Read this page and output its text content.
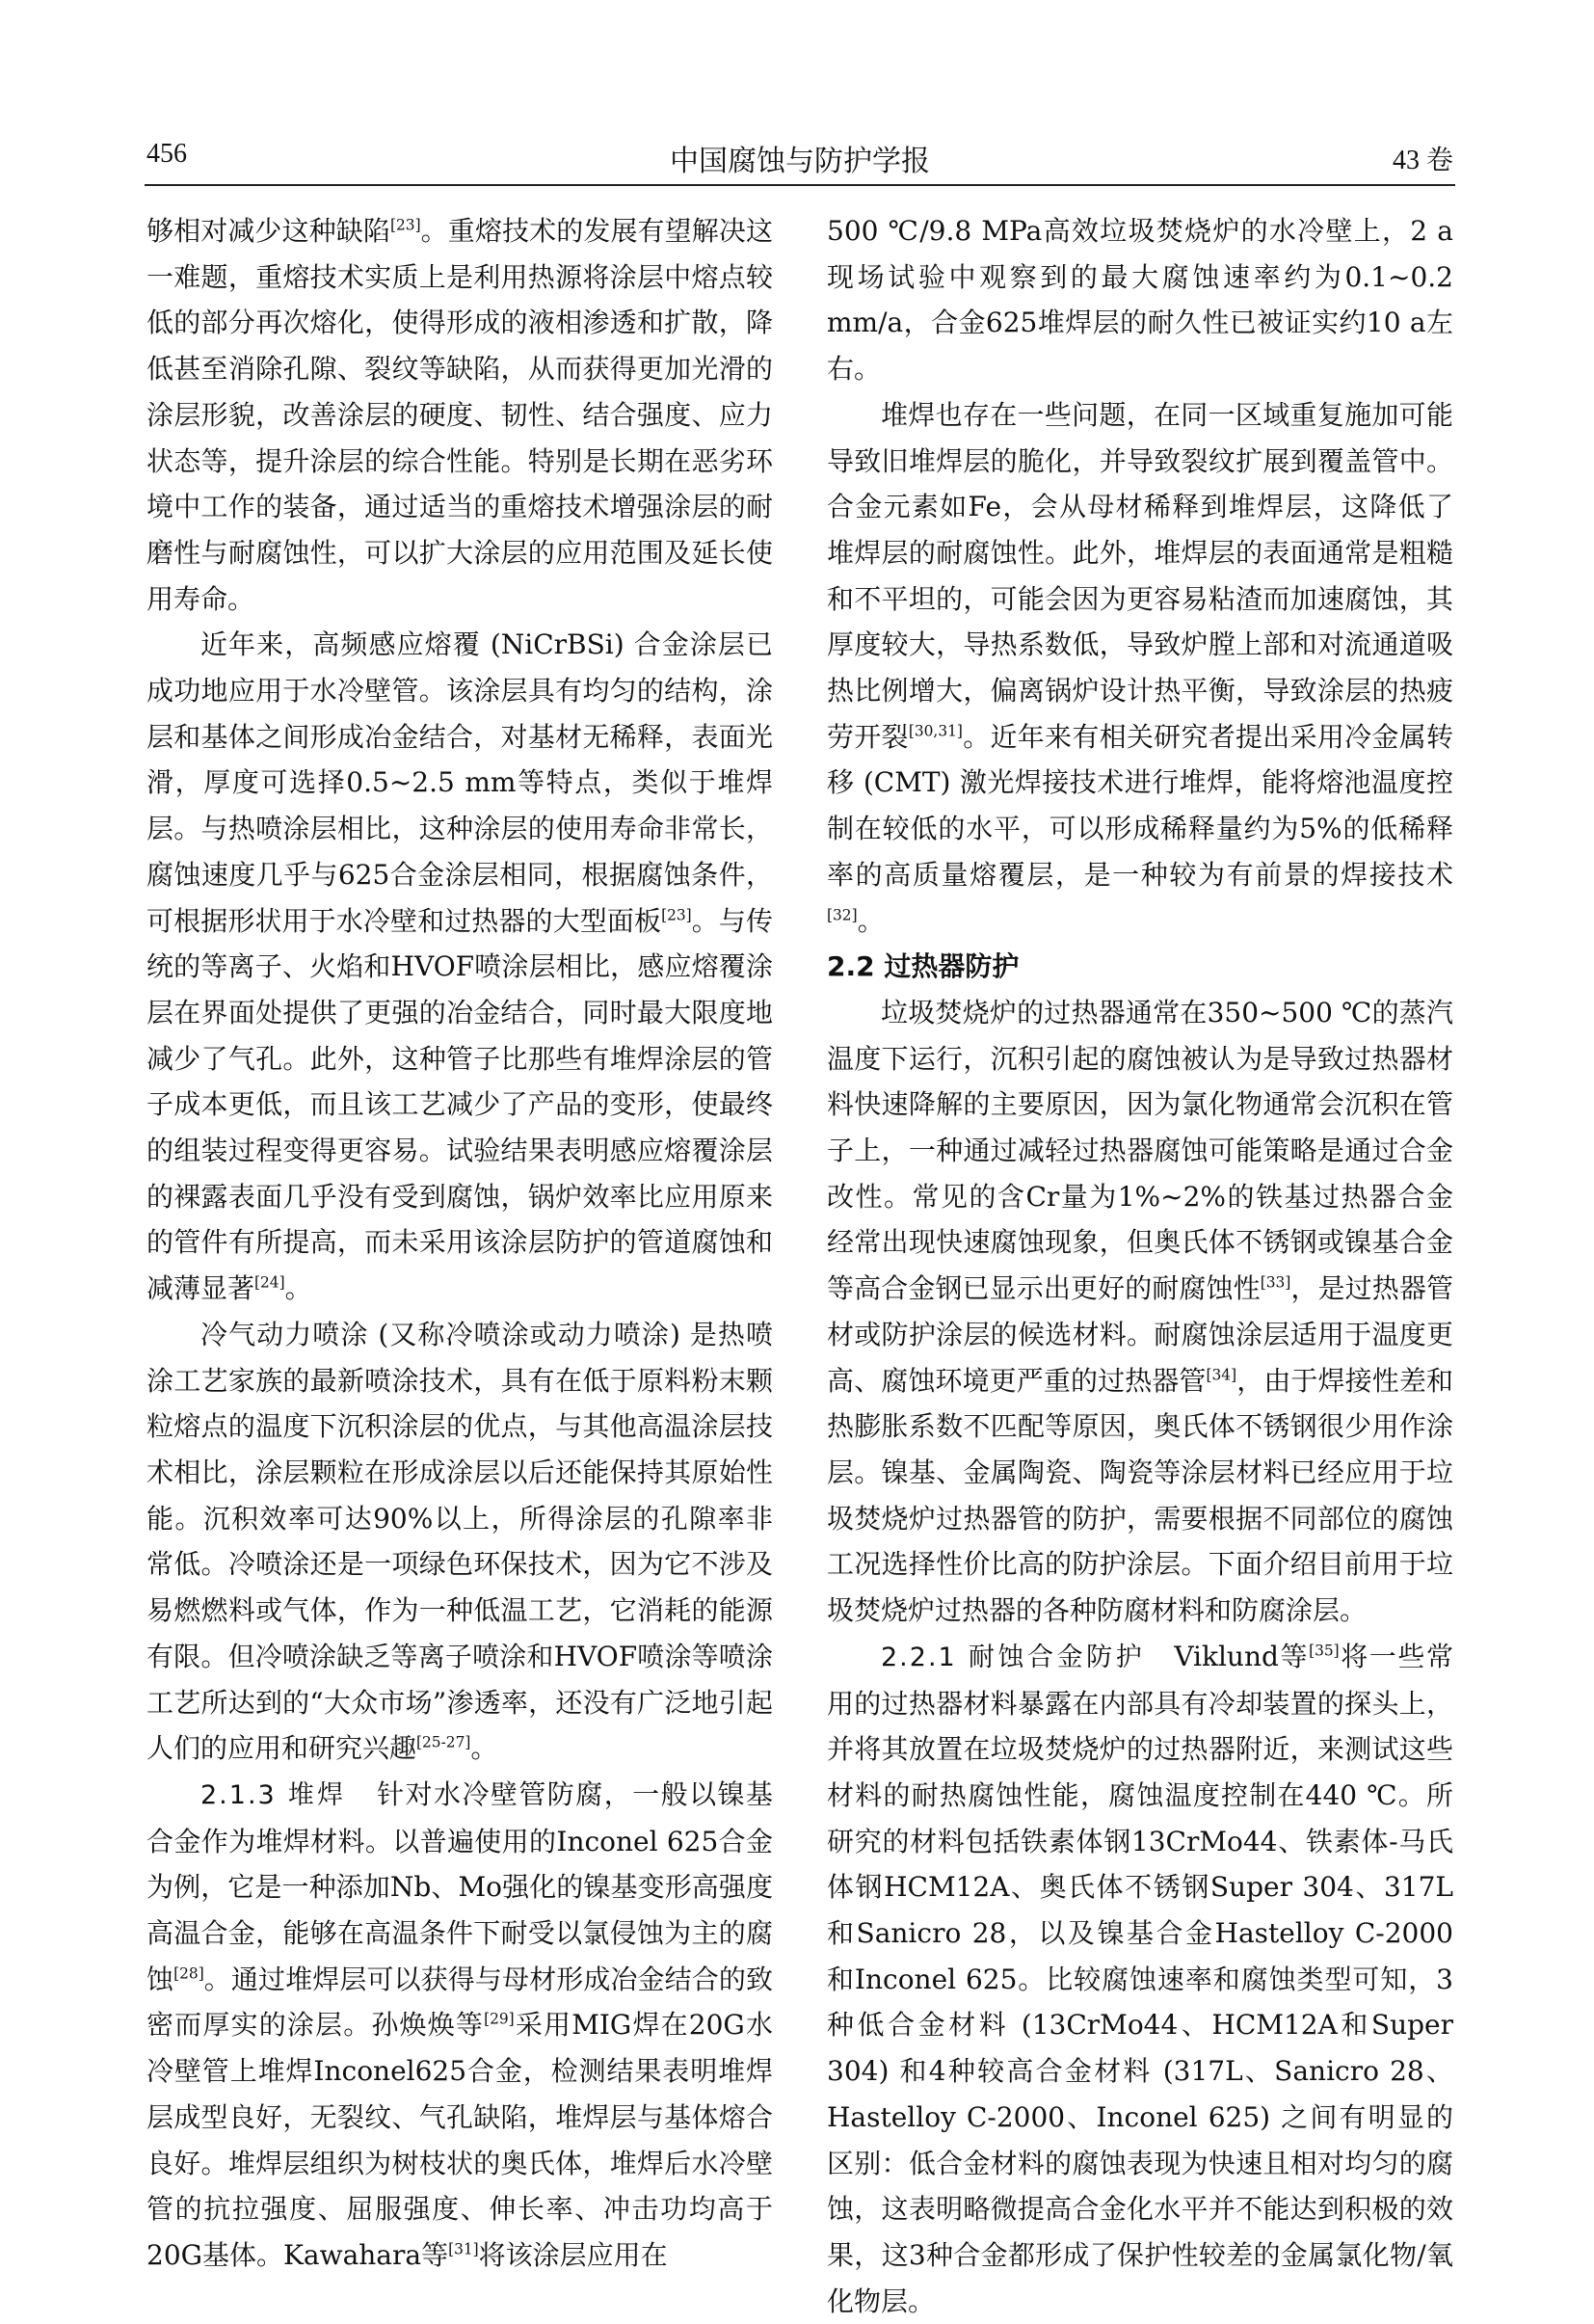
456	中国腐蚀与防护学报	43 卷

够相对减少这种缺陷[23]。重熔技术的发展有望解决这一难题，重熔技术实质上是利用热源将涂层中熔点较低的部分再次熔化，使得形成的液相渗透和扩散，降低甚至消除孔隙、裂纹等缺陷，从而获得更加光滑的涂层形貌，改善涂层的硬度、韧性、结合强度、应力状态等，提升涂层的综合性能。特别是长期在恶劣环境中工作的装备，通过适当的重熔技术增强涂层的耐磨性与耐腐蚀性，可以扩大涂层的应用范围及延长使用寿命。

近年来，高频感应熔覆 (NiCrBSi) 合金涂层已成功地应用于水冷壁管。该涂层具有均匀的结构，涂层和基体之间形成冶金结合，对基材无稀释，表面光滑，厚度可选择0.5~2.5 mm等特点，类似于堆焊层。与热喷涂层相比，这种涂层的使用寿命非常长，腐蚀速度几乎与625合金涂层相同，根据腐蚀条件，可根据形状用于水冷壁和过热器的大型面板[23]。与传统的等离子、火焰和HVOF喷涂层相比，感应熔覆涂层在界面处提供了更强的冶金结合，同时最大限度地减少了气孔。此外，这种管子比那些有堆焊涂层的管子成本更低，而且该工艺减少了产品的变形，使最终的组装过程变得更容易。试验结果表明感应熔覆涂层的裸露表面几乎没有受到腐蚀，锅炉效率比应用原来的管件有所提高，而未采用该涂层防护的管道腐蚀和减薄显著[24]。

冷气动力喷涂 (又称冷喷涂或动力喷涂) 是热喷涂工艺家族的最新喷涂技术，具有在低于原料粉末颗粒熔点的温度下沉积涂层的优点，与其他高温涂层技术相比，涂层颗粒在形成涂层以后还能保持其原始性能。沉积效率可达90%以上，所得涂层的孔隙率非常低。冷喷涂还是一项绿色环保技术，因为它不涉及易燃燃料或气体，作为一种低温工艺，它消耗的能源有限。但冷喷涂缺乏等离子喷涂和HVOF喷涂等喷涂工艺所达到的“大众市场”渗透率，还没有广泛地引起人们的应用和研究兴趣[25-27]。

2.1.3 堆焊 针对水冷壁管防腐，一般以镍基合金作为堆焊材料。以普遍使用的Inconel 625合金为例，它是一种添加Nb、Mo强化的镍基变形高强度高温合金，能够在高温条件下耐受以氯侵蚀为主的腐蚀[28]。通过堆焊层可以获得与母材形成冶金结合的致密而厚实的涂层。孙焕焕等[29]采用MIG焊在20G水冷壁管上堆焊Inconel625合金，检测结果表明堆焊层成型良好，无裂纹、气孔缺陷，堆焊层与基体熔合良好。堆焊层组织为树枝状的奥氏体，堆焊后水冷壁管的抗拉强度、屈服强度、伸长率、冲击功均高于20G基体。Kawahara等[31]将该涂层应用在

500 ℃/9.8 MPa高效垃圾焚烧炉的水冷壁上，2 a现场试验中观察到的最大腐蚀速率约为0.1~0.2 mm/a，合金625堆焊层的耐久性已被证实约10 a左右。

堆焊也存在一些问题，在同一区域重复施加可能导致旧堆焊层的脆化，并导致裂纹扩展到覆盖管中。合金元素如Fe，会从母材稀释到堆焊层，这降低了堆焊层的耐腐蚀性。此外，堆焊层的表面通常是粗糙和不平坦的，可能会因为更容易粘渣而加速腐蚀，其厚度较大，导热系数低，导致炉膛上部和对流通道吸热比例增大，偏离锅炉设计热平衡，导致涂层的热疲劳开裂[30,31]。近年来有相关研究者提出采用冷金属转移 (CMT) 激光焊接技术进行堆焊，能将熔池温度控制在较低的水平，可以形成稀释量约为5%的低稀释率的高质量熔覆层，是一种较为有前景的焊接技术[32]。

2.2 过热器防护

垃圾焚烧炉的过热器通常在350~500 ℃的蒸汽温度下运行，沉积引起的腐蚀被认为是导致过热器材料快速降解的主要原因，因为氯化物通常会沉积在管子上，一种通过减轻过热器腐蚀可能策略是通过合金改性。常见的含Cr量为1%~2%的铁基过热器合金经常出现快速腐蚀现象，但奥氏体不锈钢或镍基合金等高合金钢已显示出更好的耐腐蚀性[33]，是过热器管材或防护涂层的候选材料。耐腐蚀涂层适用于温度更高、腐蚀环境更严重的过热器管[34]，由于焊接性差和热膨胀系数不匹配等原因，奥氏体不锈钢很少用作涂层。镍基、金属陶瓷、陶瓷等涂层材料已经应用于垃圾焚烧炉过热器管的防护，需要根据不同部位的腐蚀工况选择性价比高的防护涂层。下面介绍目前用于垃圾焚烧炉过热器的各种防腐材料和防腐涂层。

2.2.1 耐蚀合金防护 Viklund等[35]将一些常用的过热器材料暴露在内部具有冷却装置的探头上，并将其放置在垃圾焚烧炉的过热器附近，来测试这些材料的耐热腐蚀性能，腐蚀温度控制在440 ℃。所研究的材料包括铁素体钢13CrMo44、铁素体-马氏体钢HCM12A、奥氏体不锈钢Super 304、317L和Sanicro 28，以及镍基合金Hastelloy C-2000和Inconel 625。比较腐蚀速率和腐蚀类型可知，3种低合金材料 (13CrMo44、HCM12A和Super 304) 和4种较高合金材料 (317L、Sanicro 28、Hastelloy C-2000、Inconel 625) 之间有明显的区别：低合金材料的腐蚀表现为快速且相对均匀的腐蚀，这表明略微提高合金化水平并不能达到积极的效果，这3种合金都形成了保护性较差的金属氯化物/氧化物层。
